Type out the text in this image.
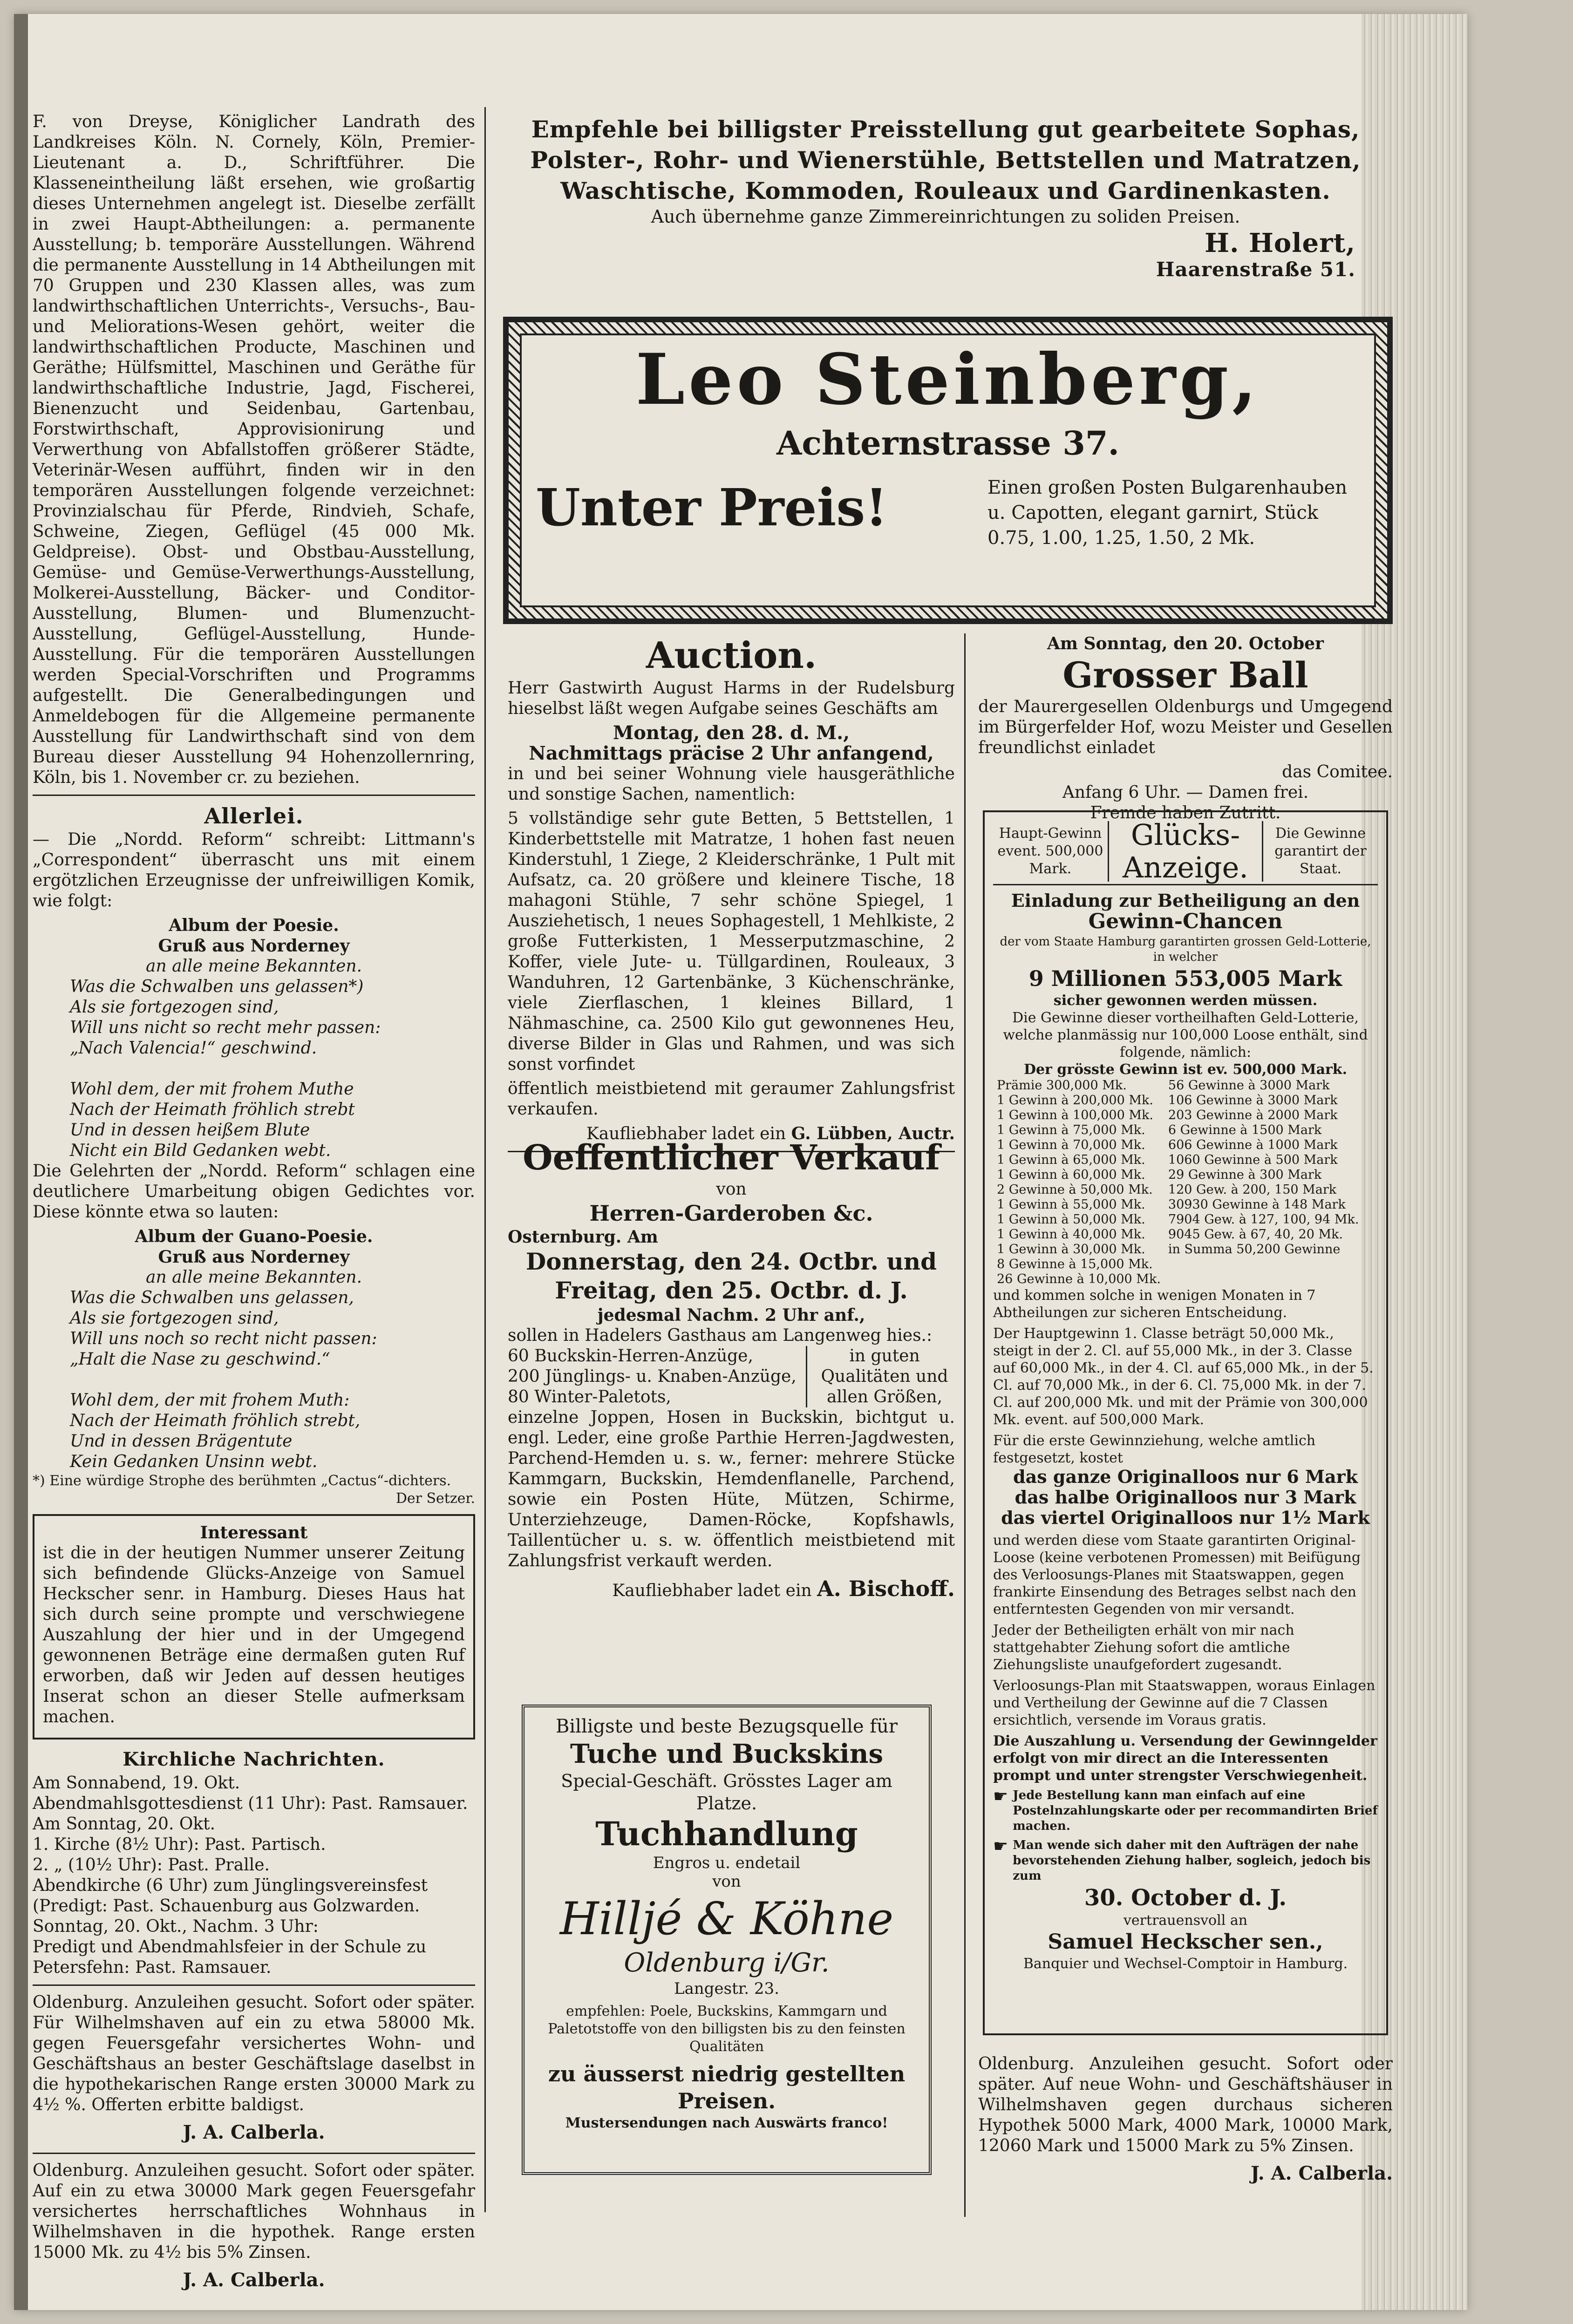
F. von Dreyse, Königlicher Landrath des Landkreises Köln. N. Cornely, Köln, Premier-Lieutenant a. D., Schriftführer. Die Klasseneintheilung läßt ersehen, wie großartig dieses Unternehmen angelegt ist. Dieselbe zerfällt in zwei Haupt-Abtheilungen: a. permanente Ausstellung; b. temporäre Ausstellungen. Während die permanente Ausstellung in 14 Abtheilungen mit 70 Gruppen und 230 Klassen alles, was zum landwirthschaftlichen Unterrichts-, Versuchs-, Bau- und Meliorations-Wesen gehört, weiter die landwirthschaftlichen Producte, Maschinen und Geräthe; Hülfsmittel, Maschinen und Geräthe für landwirthschaftliche Industrie, Jagd, Fischerei, Bienenzucht und Seidenbau, Gartenbau, Forstwirthschaft, Approvisionirung und Verwerthung von Abfallstoffen größerer Städte, Veterinär-Wesen aufführt, finden wir in den temporären Ausstellungen folgende verzeichnet: Provinzialschau für Pferde, Rindvieh, Schafe, Schweine, Ziegen, Geflügel (45 000 Mk. Geldpreise). Obst- und Obstbau-Ausstellung, Gemüse- und Gemüse-Verwerthungs-Ausstellung, Molkerei-Ausstellung, Bäcker- und Conditor-Ausstellung, Blumen- und Blumenzucht-Ausstellung, Geflügel-Ausstellung, Hunde-Ausstellung. Für die temporären Ausstellungen werden Special-Vorschriften und Programms aufgestellt. Die Generalbedingungen und Anmeldebogen für die Allgemeine permanente Ausstellung für Landwirthschaft sind von dem Bureau dieser Ausstellung 94 Hohenzollernring, Köln, bis 1. November cr. zu beziehen.

Allerlei.

— Die „Nordd. Reform“ schreibt: Littmann's „Correspondent“ überrascht uns mit einem ergötzlichen Erzeugnisse der unfreiwilligen Komik, wie folgt:

Album der Poesie.
Gruß aus Norderney
an alle meine Bekannten.
Was die Schwalben uns gelassen*)
Als sie fortgezogen sind,
Will uns nicht so recht mehr passen:
„Nach Valencia!“ geschwind.

Wohl dem, der mit frohem Muthe
Nach der Heimath fröhlich strebt
Und in dessen heißem Blute
Nicht ein Bild Gedanken webt.

Die Gelehrten der „Nordd. Reform“ schlagen eine deutlichere Umarbeitung obigen Gedichtes vor. Diese könnte etwa so lauten:

Album der Guano-Poesie.
Gruß aus Norderney
an alle meine Bekannten.
Was die Schwalben uns gelassen,
Als sie fortgezogen sind,
Will uns noch so recht nicht passen:
„Halt die Nase zu geschwind.“

Wohl dem, der mit frohem Muth:
Nach der Heimath fröhlich strebt,
Und in dessen Brägentute
Kein Gedanken Unsinn webt.
*) Eine würdige Strophe des berühmten „Cactus“-dichters.
Der Setzer.
Interessant

ist die in der heutigen Nummer unserer Zeitung sich befindende Glücks-Anzeige von Samuel Heckscher senr. in Hamburg. Dieses Haus hat sich durch seine prompte und verschwiegene Auszahlung der hier und in der Umgegend gewonnenen Beträge eine dermaßen guten Ruf erworben, daß wir Jeden auf dessen heutiges Inserat schon an dieser Stelle aufmerksam machen.

Kirchliche Nachrichten.
Am Sonnabend, 19. Okt.
Abendmahlsgottesdienst (11 Uhr): Past. Ramsauer.
Am Sonntag, 20. Okt.
1. Kirche (8½ Uhr): Past. Partisch.
2. „ (10½ Uhr): Past. Pralle.
Abendkirche (6 Uhr) zum Jünglingsvereinsfest
(Predigt: Past. Schauenburg aus Golzwarden.
Sonntag, 20. Okt., Nachm. 3 Uhr:
Predigt und Abendmahlsfeier in der Schule zu
Petersfehn: Past. Ramsauer.

Oldenburg. Anzuleihen gesucht. Sofort oder später. Für Wilhelmshaven auf ein zu etwa 58000 Mk. gegen Feuersgefahr versichertes Wohn- und Geschäftshaus an bester Geschäftslage daselbst in die hypothekarischen Range ersten 30000 Mark zu 4½ %. Offerten erbitte baldigst.

J. A. Calberla.

Oldenburg. Anzuleihen gesucht. Sofort oder später. Auf ein zu etwa 30000 Mark gegen Feuersgefahr versichertes herrschaftliches Wohnhaus in Wilhelmshaven in die hypothek. Range ersten 15000 Mk. zu 4½ bis 5% Zinsen.

J. A. Calberla.
Empfehle bei billigster Preisstellung gut gearbeitete Sophas,
Polster-, Rohr- und Wienerstühle, Bettstellen und Matratzen,
Waschtische, Kommoden, Rouleaux und Gardinenkasten.
Auch übernehme ganze Zimmereinrichtungen zu soliden Preisen.
H. Holert,
Haarenstraße 51.
Leo Steinberg,
Achternstrasse 37.
Unter Preis!	Einen großen Posten Bulgarenhauben u. Capotten, elegant garnirt, Stück 0.75, 1.00, 1.25, 1.50, 2 Mk.
Auction.

Herr Gastwirth August Harms in der Rudelsburg hieselbst läßt wegen Aufgabe seines Geschäfts am

Montag, den 28. d. M.,
Nachmittags präcise 2 Uhr anfangend,

in und bei seiner Wohnung viele hausgeräthliche und sonstige Sachen, namentlich:

5 vollständige sehr gute Betten, 5 Bettstellen, 1 Kinderbettstelle mit Matratze, 1 hohen fast neuen Kinderstuhl, 1 Ziege, 2 Kleiderschränke, 1 Pult mit Aufsatz, ca. 20 größere und kleinere Tische, 18 mahagoni Stühle, 7 sehr schöne Spiegel, 1 Ausziehetisch, 1 neues Sophagestell, 1 Mehlkiste, 2 große Futterkisten, 1 Messerputzmaschine, 2 Koffer, viele Jute- u. Tüllgardinen, Rouleaux, 3 Wanduhren, 12 Gartenbänke, 3 Küchenschränke, viele Zierflaschen, 1 kleines Billard, 1 Nähmaschine, ca. 2500 Kilo gut gewonnenes Heu, diverse Bilder in Glas und Rahmen, und was sich sonst vorfindet

öffentlich meistbietend mit geraumer Zahlungsfrist verkaufen.

Kaufliebhaber ladet ein G. Lübben, Auctr.
Am Sonntag, den 20. October
Grosser Ball

der Maurergesellen Oldenburgs und Umgegend im Bürgerfelder Hof, wozu Meister und Gesellen freundlichst einladet

das Comitee.
Anfang 6 Uhr. — Damen frei.
Fremde haben Zutritt.
Oeffentlicher Verkauf
von
Herren-Garderoben &c.
Osternburg. Am
Donnerstag, den 24. Octbr. und
Freitag, den 25. Octbr. d. J.
jedesmal Nachm. 2 Uhr anf.,
sollen in Hadelers Gasthaus am Langenweg hies.:
60 Buckskin-Herren-Anzüge,
200 Jünglings- u. Knaben-Anzüge,
80 Winter-Paletots,
in guten Qualitäten und allen Größen,

einzelne Joppen, Hosen in Buckskin, bichtgut u. engl. Leder, eine große Parthie Herren-Jagdwesten, Parchend-Hemden u. s. w., ferner: mehrere Stücke Kammgarn, Buckskin, Hemdenflanelle, Parchend, sowie ein Posten Hüte, Mützen, Schirme, Unterziehzeuge, Damen-Röcke, Kopfshawls, Taillentücher u. s. w. öffentlich meistbietend mit Zahlungsfrist verkauft werden.

Kaufliebhaber ladet ein A. Bischoff.
Billigste und beste Bezugsquelle für
Tuche und Buckskins
Special-Geschäft. Grösstes Lager am Platze.
Tuchhandlung
Engros u. endetail
von
Hilljé & Köhne
Oldenburg i/Gr.
Langestr. 23.
empfehlen: Poele, Buckskins, Kammgarn und Paletotstoffe von den billigsten bis zu den feinsten Qualitäten
zu äusserst niedrig gestellten Preisen.
Mustersendungen nach Auswärts franco!
Haupt-Gewinn event. 500,000 Mark.
Glücks-
Anzeige.
Die Gewinne garantirt der Staat.
Einladung zur Betheiligung an den
Gewinn-Chancen
der vom Staate Hamburg garantirten grossen Geld-Lotterie, in welcher
9 Millionen 553,005 Mark
sicher gewonnen werden müssen.
Die Gewinne dieser vortheilhaften Geld-Lotterie, welche planmässig nur 100,000 Loose enthält, sind folgende, nämlich:
Der grösste Gewinn ist ev. 500,000 Mark.
Prämie 300,000 Mk.	56 Gewinne à 3000 Mark
1 Gewinn à 200,000 Mk.	106 Gewinne à 3000 Mark
1 Gewinn à 100,000 Mk.	203 Gewinne à 2000 Mark
1 Gewinn à 75,000 Mk.	6 Gewinne à 1500 Mark
1 Gewinn à 70,000 Mk.	606 Gewinne à 1000 Mark
1 Gewinn à 65,000 Mk.	1060 Gewinne à 500 Mark
1 Gewinn à 60,000 Mk.	29 Gewinne à 300 Mark
2 Gewinne à 50,000 Mk.	120 Gew. à 200, 150 Mark
1 Gewinn à 55,000 Mk.	30930 Gewinne à 148 Mark
1 Gewinn à 50,000 Mk.	7904 Gew. à 127, 100, 94 Mk.
1 Gewinn à 40,000 Mk.	9045 Gew. à 67, 40, 20 Mk.
1 Gewinn à 30,000 Mk.	in Summa 50,200 Gewinne
8 Gewinne à 15,000 Mk.	
26 Gewinne à 10,000 Mk.	
und kommen solche in wenigen Monaten in 7 Abtheilungen zur sicheren Entscheidung.
Der Hauptgewinn 1. Classe beträgt 50,000 Mk., steigt in der 2. Cl. auf 55,000 Mk., in der 3. Classe auf 60,000 Mk., in der 4. Cl. auf 65,000 Mk., in der 5. Cl. auf 70,000 Mk., in der 6. Cl. 75,000 Mk. in der 7. Cl. auf 200,000 Mk. und mit der Prämie von 300,000 Mk. event. auf 500,000 Mark.
Für die erste Gewinnziehung, welche amtlich festgesetzt, kostet
das ganze Originalloos nur 6 Mark
das halbe Originalloos nur 3 Mark
das viertel Originalloos nur 1½ Mark
und werden diese vom Staate garantirten Original-Loose (keine verbotenen Promessen) mit Beifügung des Verloosungs-Planes mit Staatswappen, gegen frankirte Einsendung des Betrages selbst nach den entferntesten Gegenden von mir versandt.
Jeder der Betheiligten erhält von mir nach stattgehabter Ziehung sofort die amtliche Ziehungsliste unaufgefordert zugesandt.
Verloosungs-Plan mit Staatswappen, woraus Einlagen und Vertheilung der Gewinne auf die 7 Classen ersichtlich, versende im Voraus gratis.
Die Auszahlung u. Versendung der Gewinngelder erfolgt von mir direct an die Interessenten prompt und unter strengster Verschwiegenheit.
☛ Jede Bestellung kann man einfach auf eine Postelnzahlungskarte oder per recommandirten Brief machen.
☛ Man wende sich daher mit den Aufträgen der nahe bevorstehenden Ziehung halber, sogleich, jedoch bis zum
30. October d. J.
vertrauensvoll an
Samuel Heckscher sen.,
Banquier und Wechsel-Comptoir in Hamburg.

Oldenburg. Anzuleihen gesucht. Sofort oder später. Auf neue Wohn- und Geschäftshäuser in Wilhelmshaven gegen durchaus sicheren Hypothek 5000 Mark, 4000 Mark, 10000 Mark, 12060 Mark und 15000 Mark zu 5% Zinsen.

J. A. Calberla.
